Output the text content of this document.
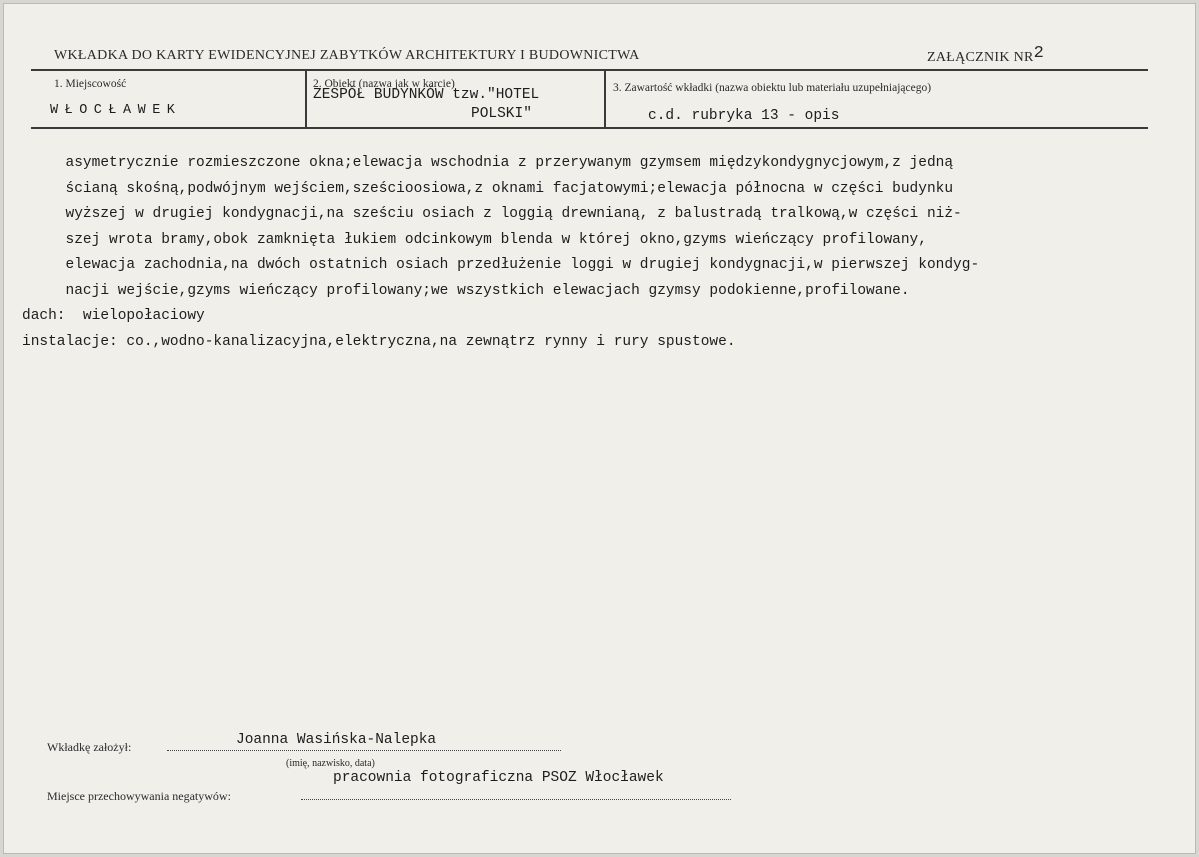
WKŁADKA DO KARTY EWIDENCYJNEJ ZABYTKÓW ARCHITEKTURY I BUDOWNICTWA	ZAŁĄCZNIK NR2
1. Miejscowość
WŁOCŁAWEK
2. Obiekt (nazwa jak w karcie)
ZESPÓŁ BUDYNKÓW tzw."HOTEL
POLSKI"
3. Zawartość wkładki (nazwa obiektu lub materiału uzupełniającego)
c.d. rubryka 13 - opis
asymetrycznie rozmieszczone okna;elewacja wschodnia z przerywanym gzymsem międzykondygnycjowym,z jedną
ścianą skośną,podwójnym wejściem,sześcioosiowa,z oknami facjatowymi;elewacja północna w części budynku
wyższej w drugiej kondygnacji,na sześciu osiach z loggią drewnianą, z balustradą tralkową,w części niż-
szej wrota bramy,obok zamknięta łukiem odcinkowym blenda w której okno,gzyms wieńczący profilowany,
elewacja zachodnia,na dwóch ostatnich osiach przedłużenie loggi w drugiej kondygnacji,w pierwszej kondyg-
nacji wejście,gzyms wieńczący profilowany;we wszystkich elewacjach gzymsy podokienne,profilowane.
dach:  wielopołaciowy
instalacje: co.,wodno-kanalizacyjna,elektryczna,na zewnątrz rynny i rury spustowe.
Wkładkę założył:	Joanna Wasińska-Nalepka
(imię, nazwisko, data)
Miejsce przechowywania negatywów:
pracownia fotograficzna PSOZ Włocławek
